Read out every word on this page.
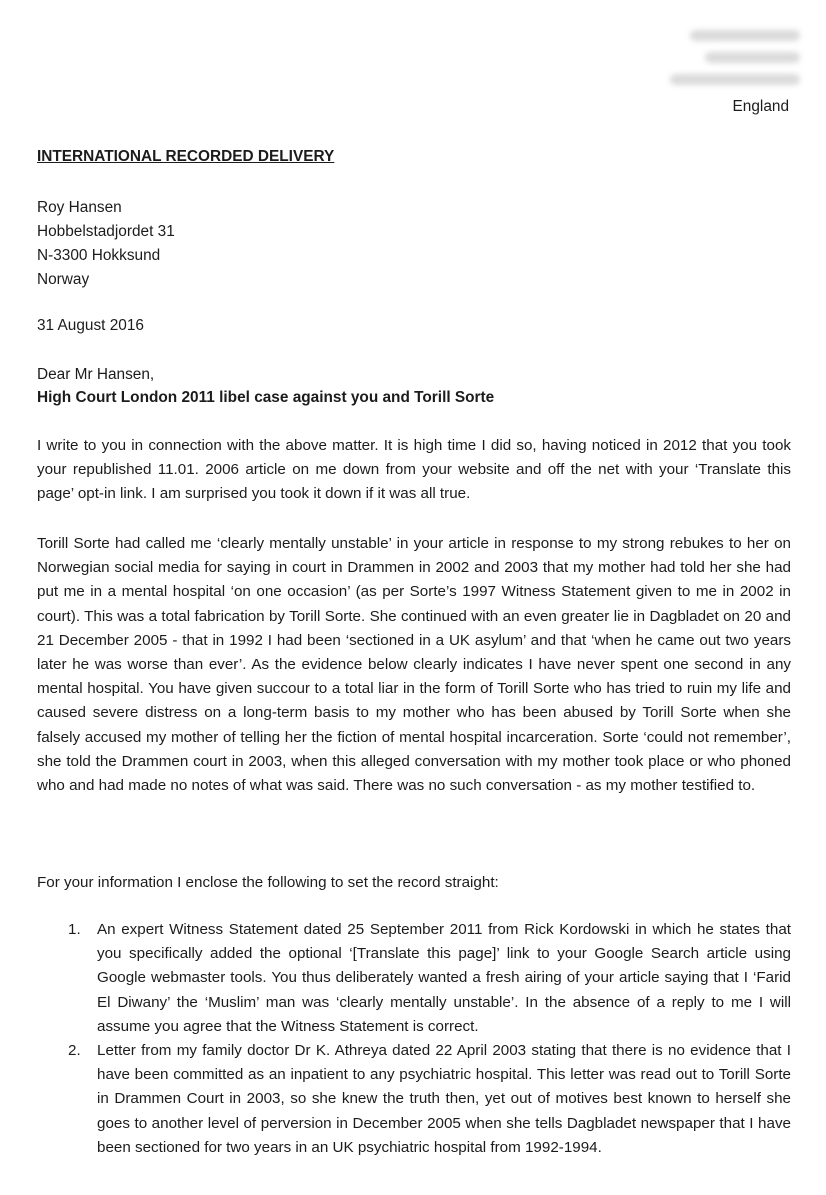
England
INTERNATIONAL RECORDED DELIVERY
Roy Hansen
Hobbelstadjordet 31
N-3300 Hokksund
Norway
31 August 2016
Dear Mr Hansen,
High Court London 2011 libel case against you and Torill Sorte
I write to you in connection with the above matter. It is high time I did so, having noticed in 2012 that you took your republished 11.01. 2006 article on me down from your website and off the net with your ‘Translate this page’ opt-in link. I am surprised you took it down if it was all true.
Torill Sorte had called me ‘clearly mentally unstable’ in your article in response to my strong rebukes to her on Norwegian social media for saying in court in Drammen in 2002 and 2003 that my mother had told her she had put me in a mental hospital ‘on one occasion’ (as per Sorte’s 1997 Witness Statement given to me in 2002 in court). This was a total fabrication by Torill Sorte. She continued with an even greater lie in Dagbladet on 20 and 21 December 2005 - that in 1992 I had been ‘sectioned in a UK asylum’ and that ‘when he came out two years later he was worse than ever’. As the evidence below clearly indicates I have never spent one second in any mental hospital. You have given succour to a total liar in the form of Torill Sorte who has tried to ruin my life and caused severe distress on a long-term basis to my mother who has been abused by Torill Sorte when she falsely accused my mother of telling her the fiction of mental hospital incarceration. Sorte ‘could not remember’, she told the Drammen court in 2003, when this alleged conversation with my mother took place or who phoned who and had made no notes of what was said. There was no such conversation - as my mother testified to.
For your information I enclose the following to set the record straight:
1. An expert Witness Statement dated 25 September 2011 from Rick Kordowski in which he states that you specifically added the optional ‘[Translate this page]’ link to your Google Search article using Google webmaster tools. You thus deliberately wanted a fresh airing of your article saying that I ‘Farid El Diwany’ the ‘Muslim’ man was ‘clearly mentally unstable’. In the absence of a reply to me I will assume you agree that the Witness Statement is correct.
2. Letter from my family doctor Dr K. Athreya dated 22 April 2003 stating that there is no evidence that I have been committed as an inpatient to any psychiatric hospital. This letter was read out to Torill Sorte in Drammen Court in 2003, so she knew the truth then, yet out of motives best known to herself she goes to another level of perversion in December 2005 when she tells Dagbladet newspaper that I have been sectioned for two years in an UK psychiatric hospital from 1992-1994.
